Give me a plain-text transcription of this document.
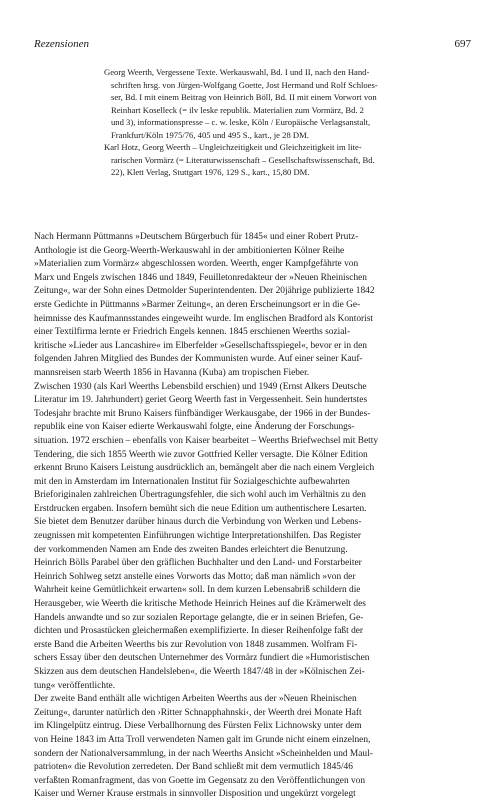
Rezensionen	697
Georg Weerth, Vergessene Texte. Werkauswahl, Bd. I und II, nach den Hand-
schriften hrsg. von Jürgen-Wolfgang Goette, Jost Hermand und Rolf Schloes-
ser, Bd. I mit einem Beitrag von Heinrich Böll, Bd. II mit einem Vorwort von
Reinhart Koselleck (= ilv leske republik. Materialien zum Vormärz, Bd. 2
und 3), informationspresse – c. w. leske, Köln / Europäische Verlagsanstalt,
Frankfurt/Köln 1975/76, 405 und 495 S., kart., je 28 DM.
Karl Hotz, Georg Weerth – Ungleichzeitigkeit und Gleichzeitigkeit im lite-
rarischen Vormärz (= Literaturwissenschaft – Gesellschaftswissenschaft, Bd.
22), Klett Verlag, Stuttgart 1976, 129 S., kart., 15,80 DM.
Nach Hermann Püttmanns »Deutschem Bürgerbuch für 1845« und einer Robert Prutz-
Anthologie ist die Georg-Weerth-Werkauswahl in der ambitionierten Kölner Reihe
»Materialien zum Vormärz« abgeschlossen worden. Weerth, enger Kampfgefährte von
Marx und Engels zwischen 1846 und 1849, Feuilletonredakteur der »Neuen Rheinischen
Zeitung«, war der Sohn eines Detmolder Superintendenten. Der 20jährige publizierte 1842
erste Gedichte in Püttmanns »Barmer Zeitung«, an deren Erscheinungsort er in die Ge-
heimnisse des Kaufmannsstandes eingeweiht wurde. Im englischen Bradford als Kontorist
einer Textilfirma lernte er Friedrich Engels kennen. 1845 erschienen Weerths sozial-
kritische »Lieder aus Lancashire« im Elberfelder »Gesellschaftsspiegel«, bevor er in den
folgenden Jahren Mitglied des Bundes der Kommunisten wurde. Auf einer seiner Kauf-
mannsreisen starb Weerth 1856 in Havanna (Kuba) am tropischen Fieber.
Zwischen 1930 (als Karl Weerths Lebensbild erschien) und 1949 (Ernst Alkers Deutsche
Literatur im 19. Jahrhundert) geriet Georg Weerth fast in Vergessenheit. Sein hundertstes
Todesjahr brachte mit Bruno Kaisers fünfbändiger Werkausgabe, der 1966 in der Bundes-
republik eine von Kaiser edierte Werkauswahl folgte, eine Änderung der Forschungs-
situation. 1972 erschien – ebenfalls von Kaiser bearbeitet – Weerths Briefwechsel mit Betty
Tendering, die sich 1855 Weerth wie zuvor Gottfried Keller versagte. Die Kölner Edition
erkennt Bruno Kaisers Leistung ausdrücklich an, bemängelt aber die nach einem Vergleich
mit den in Amsterdam im Internationalen Institut für Sozialgeschichte aufbewahrten
Brieforiginalen zahlreichen Übertragungsfehler, die sich wohl auch im Verhältnis zu den
Erstdrucken ergaben. Insofern bemüht sich die neue Edition um authentischere Lesarten.
Sie bietet dem Benutzer darüber hinaus durch die Verbindung von Werken und Lebens-
zeugnissen mit kompetenten Einführungen wichtige Interpretationshilfen. Das Register
der vorkommenden Namen am Ende des zweiten Bandes erleichtert die Benutzung.
Heinrich Bölls Parabel über den gräflichen Buchhalter und den Land- und Forstarbeiter
Heinrich Sohlweg setzt anstelle eines Vorworts das Motto; daß man nämlich »von der
Wahrheit keine Gemütlichkeit erwarten« soll. In dem kurzen Lebensabriß schildern die
Herausgeber, wie Weerth die kritische Methode Heinrich Heines auf die Krämerwelt des
Handels anwandte und so zur sozialen Reportage gelangte, die er in seinen Briefen, Ge-
dichten und Prosastücken gleichermaßen exemplifizierte. In dieser Reihenfolge faßt der
erste Band die Arbeiten Weerths bis zur Revolution von 1848 zusammen. Wolfram Fi-
schers Essay über den deutschen Unternehmer des Vormärz fundiert die »Humoristischen
Skizzen aus dem deutschen Handelsleben«, die Weerth 1847/48 in der »Kölnischen Zei-
tung« veröffentlichte.
Der zweite Band enthält alle wichtigen Arbeiten Weerths aus der »Neuen Rheinischen
Zeitung«, darunter natürlich den ›Ritter Schnapphahnski‹, der Weerth drei Monate Haft
im Klingelpütz eintrug. Diese Verballhornung des Fürsten Felix Lichnowsky unter dem
von Heine 1843 im Atta Troll verwendeten Namen galt im Grunde nicht einem einzelnen,
sondern der Nationalversammlung, in der nach Weerths Ansicht »Scheinhelden und Maul-
patrioten« die Revolution zerredeten. Der Band schließt mit dem vermutlich 1845/46
verfaßten Romanfragment, das von Goette im Gegensatz zu den Veröffentlichungen von
Kaiser und Werner Krause erstmals in sinnvoller Disposition und ungekürzt vorgelegt
